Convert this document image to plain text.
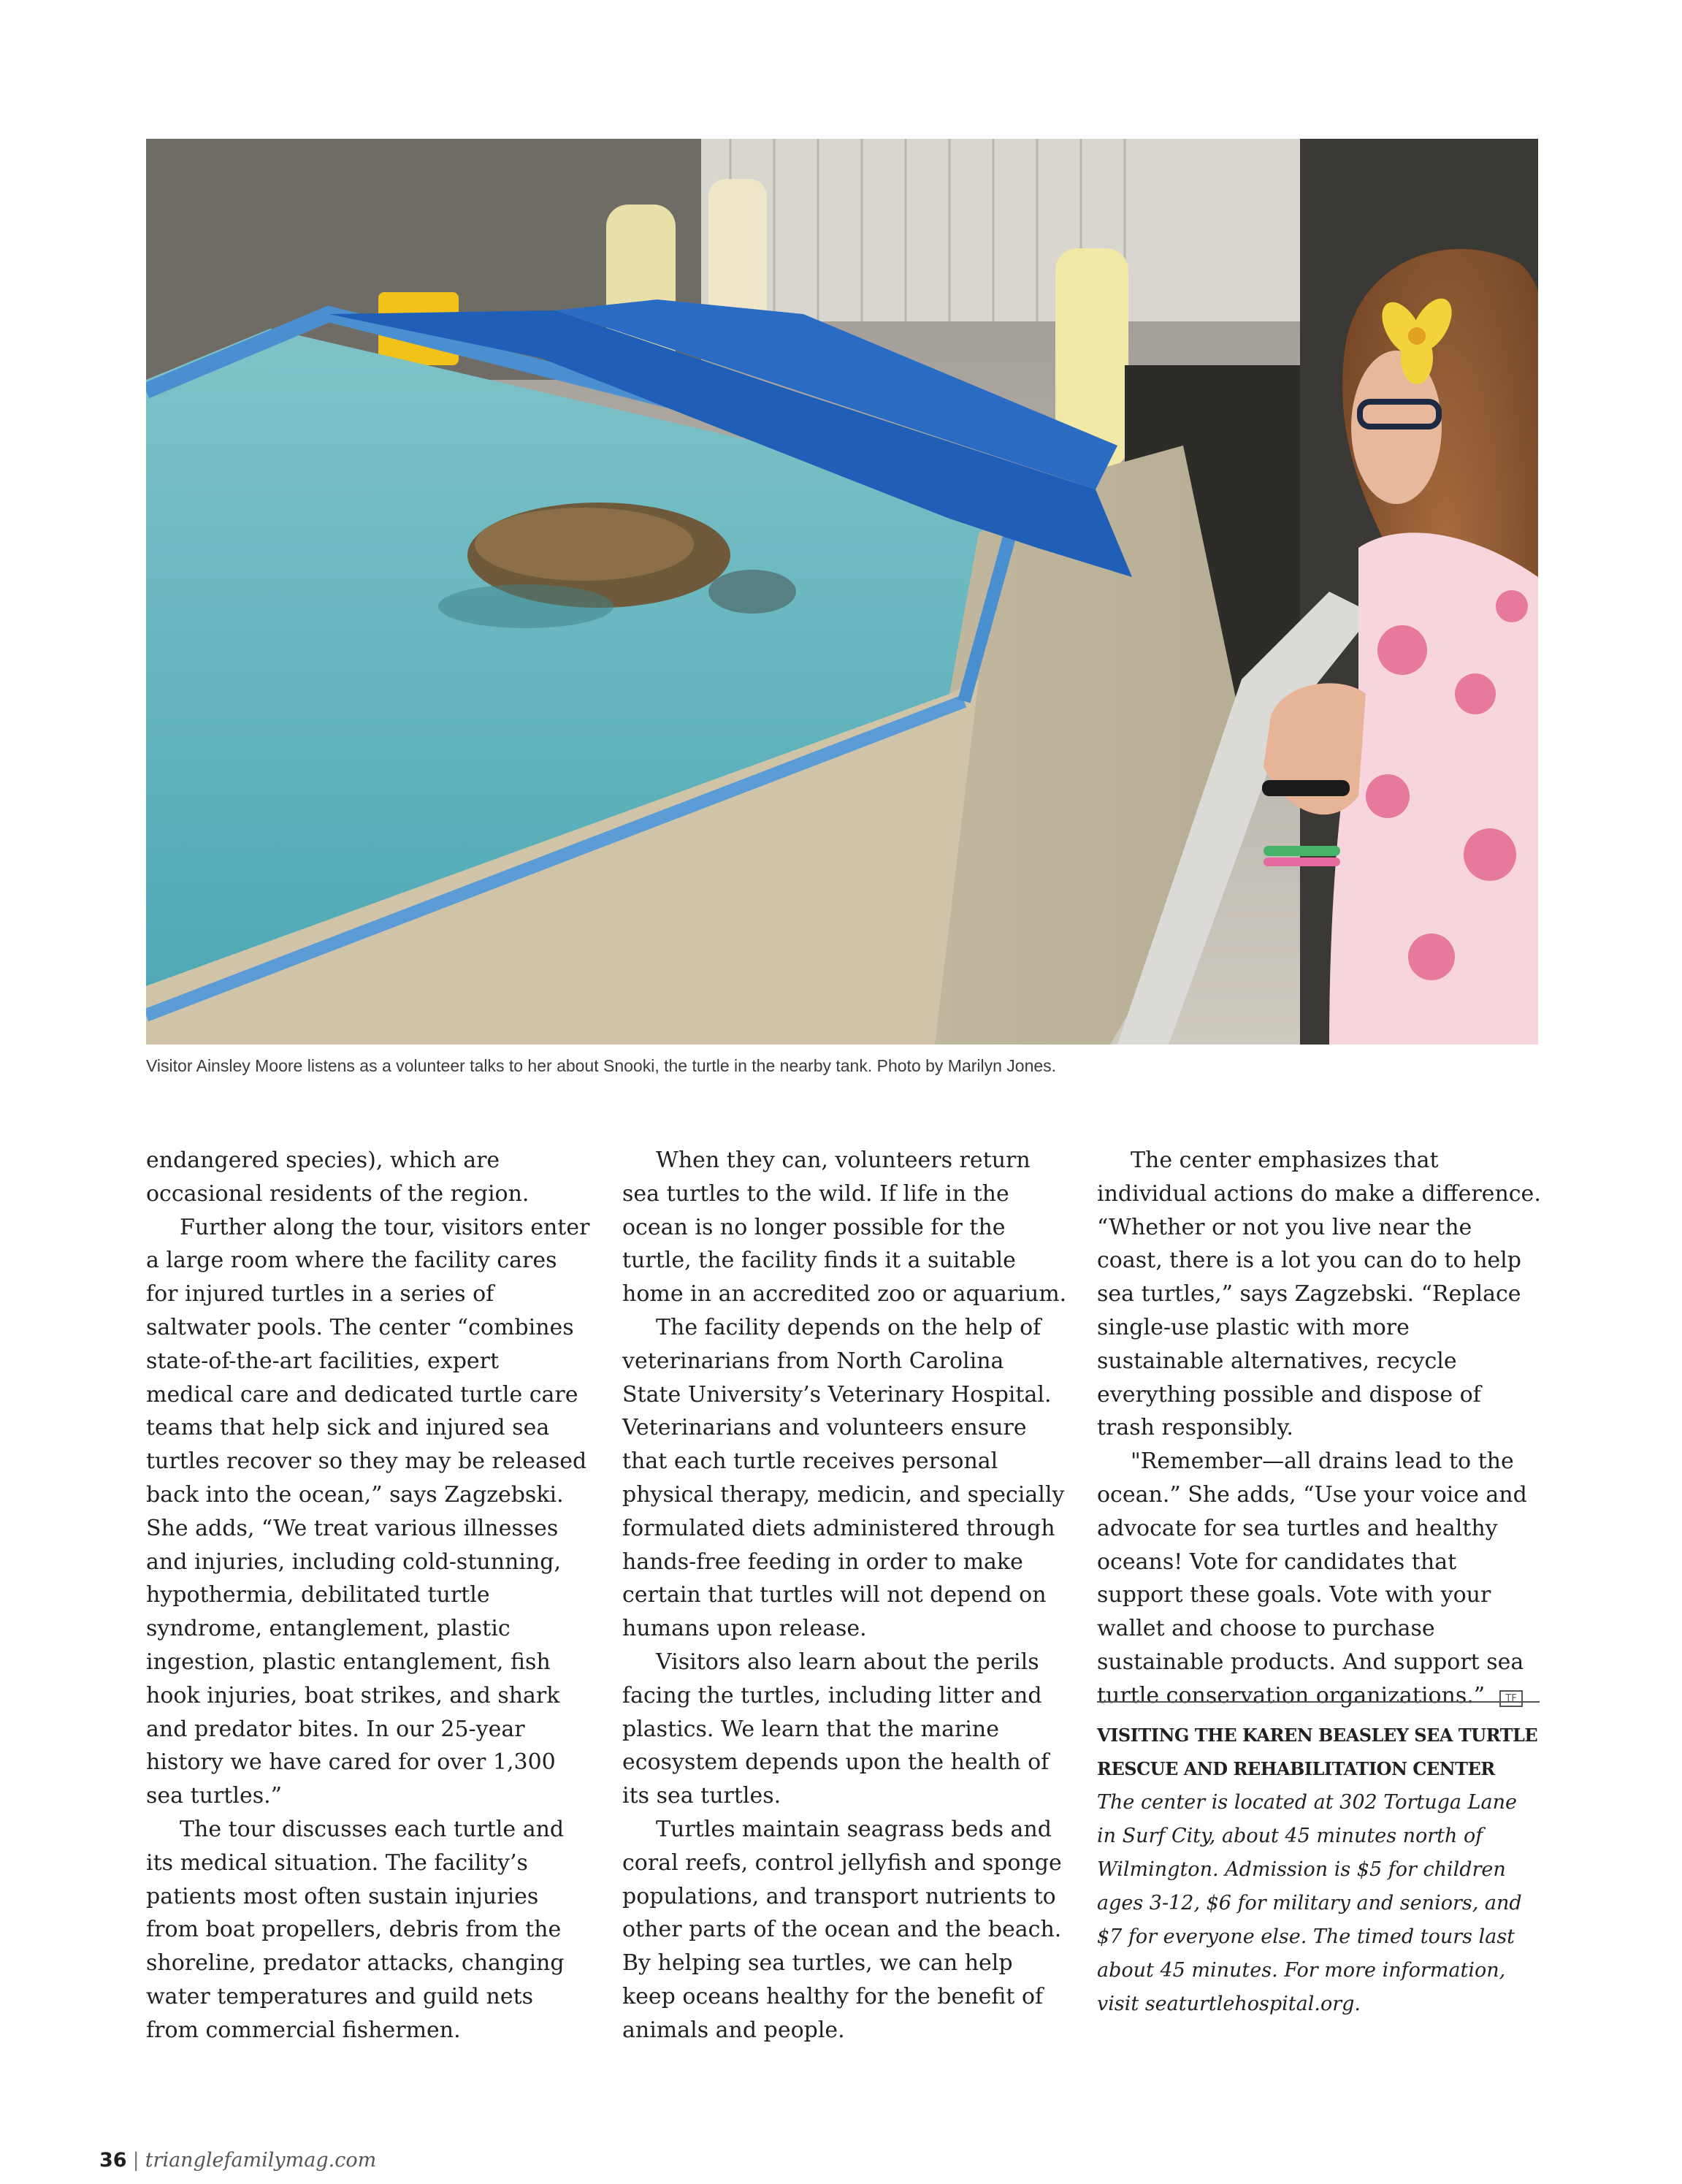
Visitor Ainsley Moore listens as a volunteer talks to her about Snooki, the turtle in the nearby tank. Photo by Marilyn Jones.

endangered species), which are occasional residents of the region.

Further along the tour, visitors enter a large room where the facility cares for injured turtles in a series of saltwater pools. The center “combines state-of-the-art facilities, expert medical care and dedicated turtle care teams that help sick and injured sea turtles recover so they may be released back into the ocean,” says Zagzebski. She adds, “We treat various illnesses and injuries, including cold-stunning, hypothermia, debilitated turtle syndrome, entanglement, plastic ingestion, plastic entanglement, fish hook injuries, boat strikes, and shark and predator bites. In our 25-year history we have cared for over 1,300

sea turtles.”

The tour discusses each turtle and its medical situation. The facility’s patients most often sustain injuries from boat propellers, debris from the shoreline, predator attacks, changing water temperatures and guild nets from commercial fishermen.

When they can, volunteers return sea turtles to the wild. If life in the ocean is no longer possible for the turtle, the facility finds it a suitable home in an accredited zoo or aquarium.

The facility depends on the help of veterinarians from North Carolina State University’s Veterinary Hospital. Veterinarians and volunteers ensure that each turtle receives personal physical therapy, medicin, and specially formulated diets administered through hands-free feeding in order to make certain that turtles will not depend on humans upon release.

Visitors also learn about the perils facing the turtles, including litter and plastics. We learn that the marine ecosystem depends upon the health of its sea turtles.

Turtles maintain seagrass beds and coral reefs, control jellyfish and sponge populations, and transport nutrients to other parts of the ocean and the beach. By helping sea turtles, we can help keep oceans healthy for the benefit of animals and people.

The center emphasizes that individual actions do make a difference. “Whether or not you live near the coast, there is a lot you can do to help sea turtles,” says Zagzebski. “Replace single-use plastic with more sustainable alternatives, recycle everything possible and dispose of trash responsibly.

"Remember—all drains lead to the ocean.” She adds, “Use your voice and advocate for sea turtles and healthy oceans! Vote for candidates that support these goals. Vote with your wallet and choose to purchase sustainable products. And support sea turtle conservation organizations.” TF

VISITING THE KAREN BEASLEY SEA TURTLE RESCUE AND REHABILITATION CENTER
The center is located at 302 Tortuga Lane in Surf City, about 45 minutes north of Wilmington. Admission is $5 for children ages 3-12, $6 for military and seniors, and $7 for everyone else. The timed tours last about 45 minutes. For more information, visit seaturtlehospital.org.
36 | trianglefamilymag.com
